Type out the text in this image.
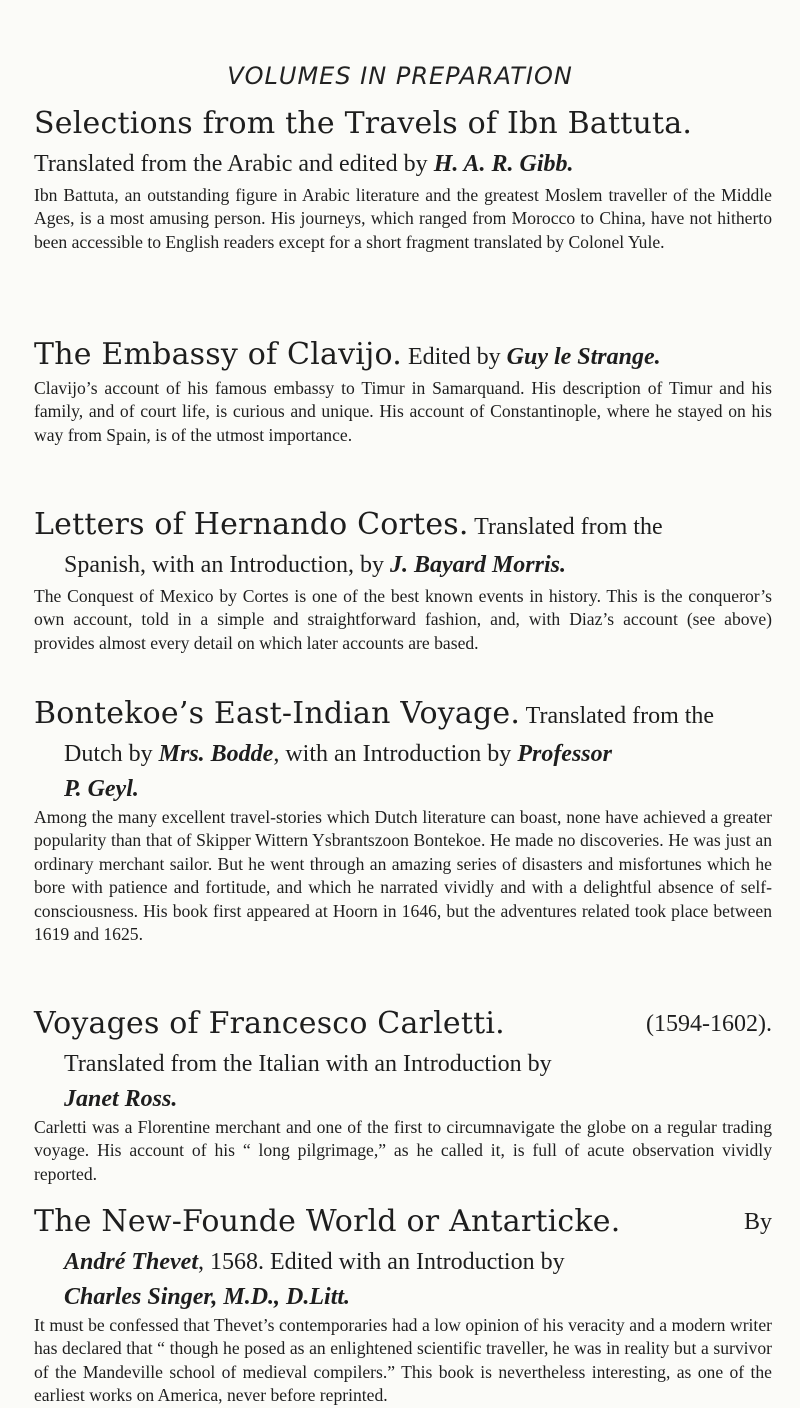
VOLUMES IN PREPARATION

Selections from the Travels of Ibn Battuta.

Translated from the Arabic and edited by H. A. R. Gibb.

Ibn Battuta, an outstanding figure in Arabic literature and the greatest Moslem traveller of the Middle Ages, is a most amusing person. His journeys, which ranged from Morocco to China, have not hitherto been accessible to English readers except for a short fragment translated by Colonel Yule.

The Embassy of Clavijo. Edited by Guy le Strange.

Clavijo’s account of his famous embassy to Timur in Samarquand. His description of Timur and his family, and of court life, is curious and unique. His account of Constantinople, where he stayed on his way from Spain, is of the utmost importance.

Letters of Hernando Cortes. Translated from the

Spanish, with an Introduction, by J. Bayard Morris.

The Conquest of Mexico by Cortes is one of the best known events in history. This is the conqueror’s own account, told in a simple and straightforward fashion, and, with Diaz’s account (see above) provides almost every detail on which later accounts are based.

Bontekoe’s East-Indian Voyage. Translated from the

Dutch by Mrs. Bodde, with an Introduction by Professor

P. Geyl.

Among the many excellent travel-stories which Dutch literature can boast, none have achieved a greater popularity than that of Skipper Wittern Ysbrantszoon Bontekoe. He made no discoveries. He was just an ordinary merchant sailor. But he went through an amazing series of disasters and misfortunes which he bore with patience and fortitude, and which he narrated vividly and with a delightful absence of self-consciousness. His book first appeared at Hoorn in 1646, but the adventures related took place between 1619 and 1625.

Voyages of Francesco Carletti.	(1594-1602).

Translated from the Italian with an Introduction by

Janet Ross.

Carletti was a Florentine merchant and one of the first to circumnavigate the globe on a regular trading voyage. His account of his “ long pilgrimage,” as he called it, is full of acute observation vividly reported.

The New-Founde World or Antarticke.	By

André Thevet, 1568. Edited with an Introduction by

Charles Singer, M.D., D.Litt.

It must be confessed that Thevet’s contemporaries had a low opinion of his veracity and a modern writer has declared that “ though he posed as an enlightened scientific traveller, he was in reality but a survivor of the Mandeville school of medieval compilers.” This book is nevertheless interesting, as one of the earliest works on America, never before reprinted.
